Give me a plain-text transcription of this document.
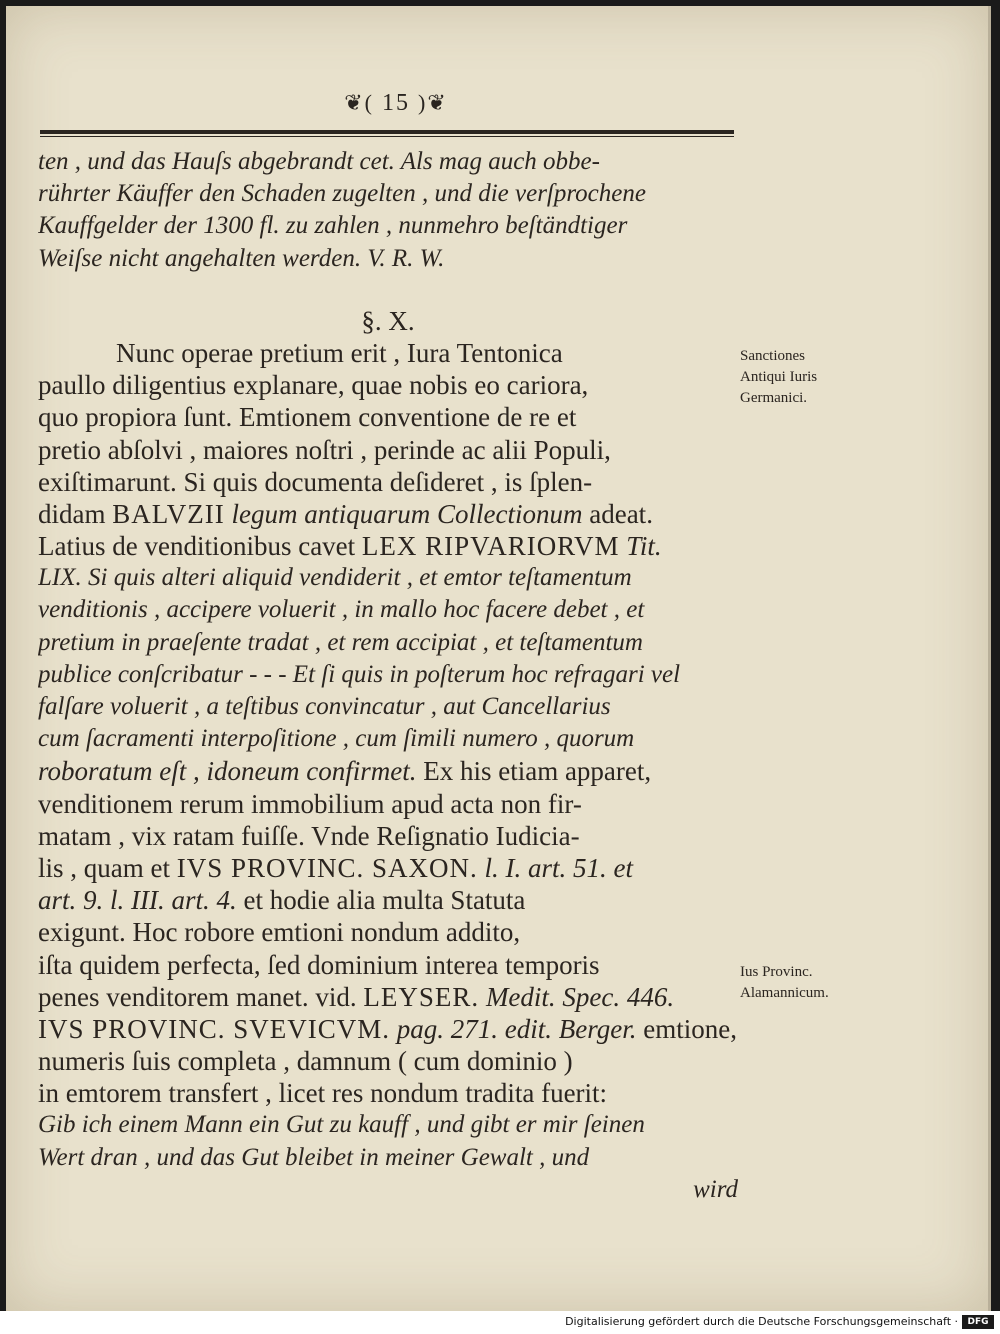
❦( 15 )❦
ten , und das Hauſs abgebrandt cet. Als mag auch obbe-
rührter Käuffer den Schaden zugelten , und die verſprochene
Kauffgelder der 1300 fl. zu zahlen , nunmehro beſtändtiger
Weiſse nicht angehalten werden. V. R. W.
§. X.
Nunc operae pretium erit , Iura Tentonica
paullo diligentius explanare, quae nobis eo cariora,
quo propiora ſunt. Emtionem conventione de re et
pretio abſolvi , maiores noſtri , perinde ac alii Populi,
exiſtimarunt. Si quis documenta deſideret , is ſplen-
didam BALVZII legum antiquarum Collectionum adeat.
Latius de venditionibus cavet LEX RIPVARIORVM Tit.
LIX. Si quis alteri aliquid vendiderit , et emtor teſtamentum
venditionis , accipere voluerit , in mallo hoc facere debet , et
pretium in praeſente tradat , et rem accipiat , et teſtamentum
publice conſcribatur - - - Et ſi quis in poſterum hoc refragari vel
falſare voluerit , a teſtibus convincatur , aut Cancellarius
cum ſacramenti interpoſitione , cum ſimili numero , quorum
roboratum eſt , idoneum confirmet. Ex his etiam apparet,
venditionem rerum immobilium apud acta non fir-
matam , vix ratam fuiſſe. Vnde Reſignatio Iudicia-
lis , quam et IVS PROVINC. SAXON. l. I. art. 51. et
art. 9. l. III. art. 4. et hodie alia multa Statuta
exigunt. Hoc robore emtioni nondum addito,
iſta quidem perfecta, ſed dominium interea temporis
penes venditorem manet. vid. LEYSER. Medit. Spec. 446.
IVS PROVINC. SVEVICVM. pag. 271. edit. Berger. emtione,
numeris ſuis completa , damnum ( cum dominio )
in emtorem transfert , licet res nondum tradita fuerit:
Gib ich einem Mann ein Gut zu kauff , und gibt er mir ſeinen
Wert dran , und das Gut bleibet in meiner Gewalt , und
wird
Sanctiones
Antiqui Iuris
Germanici.
Ius Provinc.
Alamannicum.
Digitalisierung gefördert durch die Deutsche Forschungsgemeinschaft ·	DFG
